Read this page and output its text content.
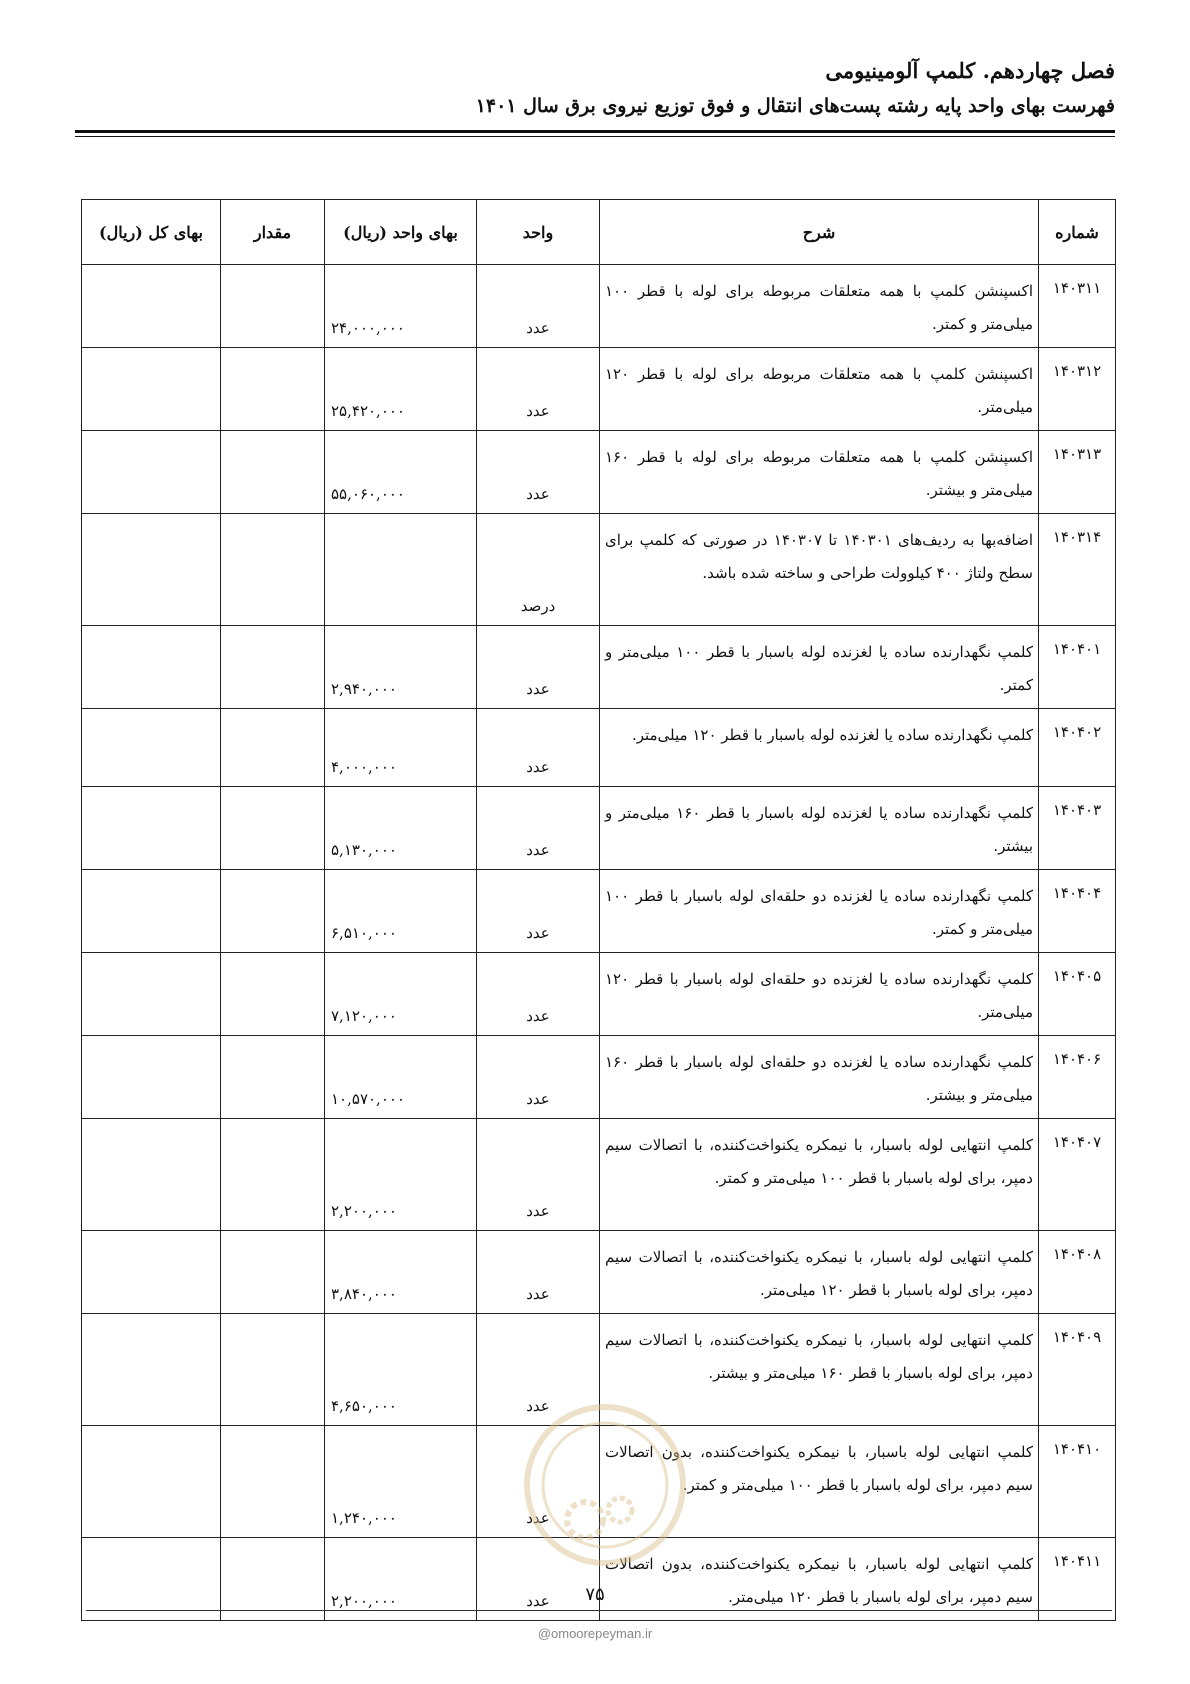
فصل چهاردهم. کلمپ آلومینیومی
فهرست بهای واحد پایه رشته پست‌های انتقال و فوق توزیع نیروی برق سال ۱۴۰۱
شماره	شرح	واحد	بهای واحد (ریال)	مقدار	بهای کل (ریال)
۱۴۰۳۱۱	اکسپنشن کلمپ با همه متعلقات مربوطه برای لوله با قطر ۱۰۰ میلی‌متر و کمتر.	عدد	۲۴,۰۰۰,۰۰۰		
۱۴۰۳۱۲	اکسپنشن کلمپ با همه متعلقات مربوطه برای لوله با قطر ۱۲۰ میلی‌متر.	عدد	۲۵,۴۲۰,۰۰۰		
۱۴۰۳۱۳	اکسپنشن کلمپ با همه متعلقات مربوطه برای لوله با قطر ۱۶۰ میلی‌متر و بیشتر.	عدد	۵۵,۰۶۰,۰۰۰		
۱۴۰۳۱۴	اضافه‌بها به ردیف‌های ۱۴۰۳۰۱ تا ۱۴۰۳۰۷ در صورتی که کلمپ برای سطح ولتاژ ۴۰۰ کیلوولت طراحی و ساخته شده باشد.	درصد			
۱۴۰۴۰۱	کلمپ نگهدارنده ساده یا لغزنده لوله باسبار با قطر ۱۰۰ میلی‌متر و کمتر.	عدد	۲,۹۴۰,۰۰۰		
۱۴۰۴۰۲	کلمپ نگهدارنده ساده یا لغزنده لوله باسبار با قطر ۱۲۰ میلی‌متر.	عدد	۴,۰۰۰,۰۰۰		
۱۴۰۴۰۳	کلمپ نگهدارنده ساده یا لغزنده لوله باسبار با قطر ۱۶۰ میلی‌متر و بیشتر.	عدد	۵,۱۳۰,۰۰۰		
۱۴۰۴۰۴	کلمپ نگهدارنده ساده یا لغزنده دو حلقه‌ای لوله باسبار با قطر ۱۰۰ میلی‌متر و کمتر.	عدد	۶,۵۱۰,۰۰۰		
۱۴۰۴۰۵	کلمپ نگهدارنده ساده یا لغزنده دو حلقه‌ای لوله باسبار با قطر ۱۲۰ میلی‌متر.	عدد	۷,۱۲۰,۰۰۰		
۱۴۰۴۰۶	کلمپ نگهدارنده ساده یا لغزنده دو حلقه‌ای لوله باسبار با قطر ۱۶۰ میلی‌متر و بیشتر.	عدد	۱۰,۵۷۰,۰۰۰		
۱۴۰۴۰۷	کلمپ انتهایی لوله باسبار، با نیمکره یکنواخت‌کننده، با اتصالات سیم دمپر، برای لوله باسبار با قطر ۱۰۰ میلی‌متر و کمتر.	عدد	۲,۲۰۰,۰۰۰		
۱۴۰۴۰۸	کلمپ انتهایی لوله باسبار، با نیمکره یکنواخت‌کننده، با اتصالات سیم دمپر، برای لوله باسبار با قطر ۱۲۰ میلی‌متر.	عدد	۳,۸۴۰,۰۰۰		
۱۴۰۴۰۹	کلمپ انتهایی لوله باسبار، با نیمکره یکنواخت‌کننده، با اتصالات سیم دمپر، برای لوله باسبار با قطر ۱۶۰ میلی‌متر و بیشتر.	عدد	۴,۶۵۰,۰۰۰		
۱۴۰۴۱۰	کلمپ انتهایی لوله باسبار، با نیمکره یکنواخت‌کننده، بدون اتصالات سیم دمپر، برای لوله باسبار با قطر ۱۰۰ میلی‌متر و کمتر.	عدد	۱,۲۴۰,۰۰۰		
۱۴۰۴۱۱	کلمپ انتهایی لوله باسبار، با نیمکره یکنواخت‌کننده، بدون اتصالات سیم دمپر، برای لوله باسبار با قطر ۱۲۰ میلی‌متر.	عدد	۲,۲۰۰,۰۰۰			۷۵
@omoorepeyman.ir
